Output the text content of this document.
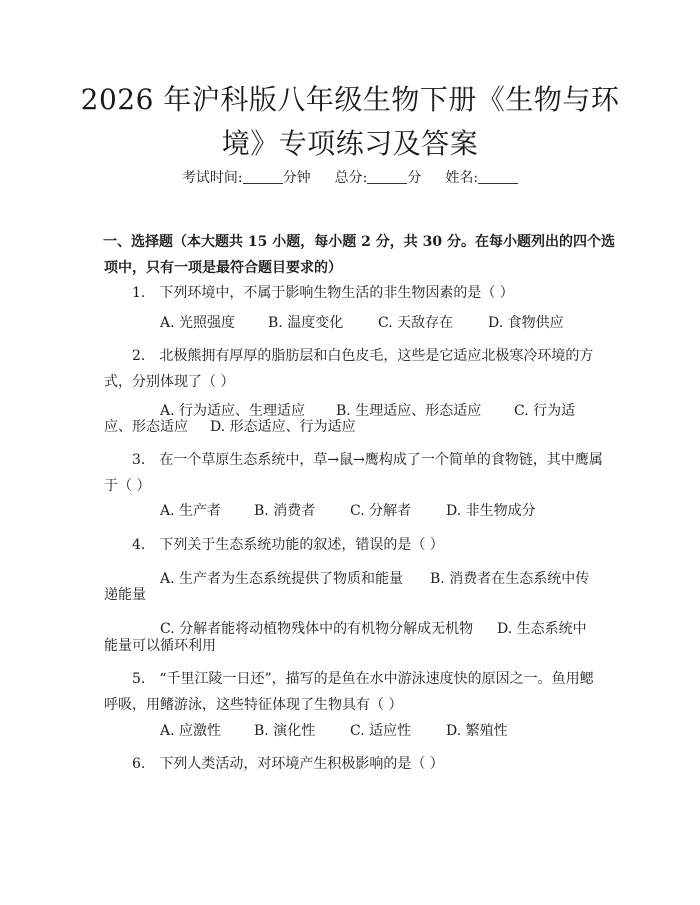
2026 年沪科版八年级生物下册《生物与环
境》专项练习及答案
考试时间:	分钟 总分:	分 姓名:
一、选择题（本大题共 15 小题，每小题 2 分，共 30 分。在每小题列出的四个选
项中，只有一项是最符合题目要求的）
1.　下列环境中，不属于影响生物生活的非生物因素的是（ ）
A. 光照强度 B. 温度变化 C. 天敌存在 D. 食物供应
2.　北极熊拥有厚厚的脂肪层和白色皮毛，这些是它适应北极寒冷环境的方
式，分别体现了（ ）
A. 行为适应、生理适应 B. 生理适应、形态适应 C. 行为适
应、形态适应 D. 形态适应、行为适应
3.　在一个草原生态系统中，草→鼠→鹰构成了一个简单的食物链，其中鹰属
于（ ）
A. 生产者 B. 消费者 C. 分解者 D. 非生物成分
4.　下列关于生态系统功能的叙述，错误的是（ ）
A. 生产者为生态系统提供了物质和能量 B. 消费者在生态系统中传
递能量
C. 分解者能将动植物残体中的有机物分解成无机物 D. 生态系统中
能量可以循环利用
5.　“千里江陵一日还”，描写的是鱼在水中游泳速度快的原因之一。鱼用鳃
呼吸，用鳍游泳，这些特征体现了生物具有（ ）
A. 应激性 B. 演化性 C. 适应性 D. 繁殖性
6.　下列人类活动，对环境产生积极影响的是（ ）
